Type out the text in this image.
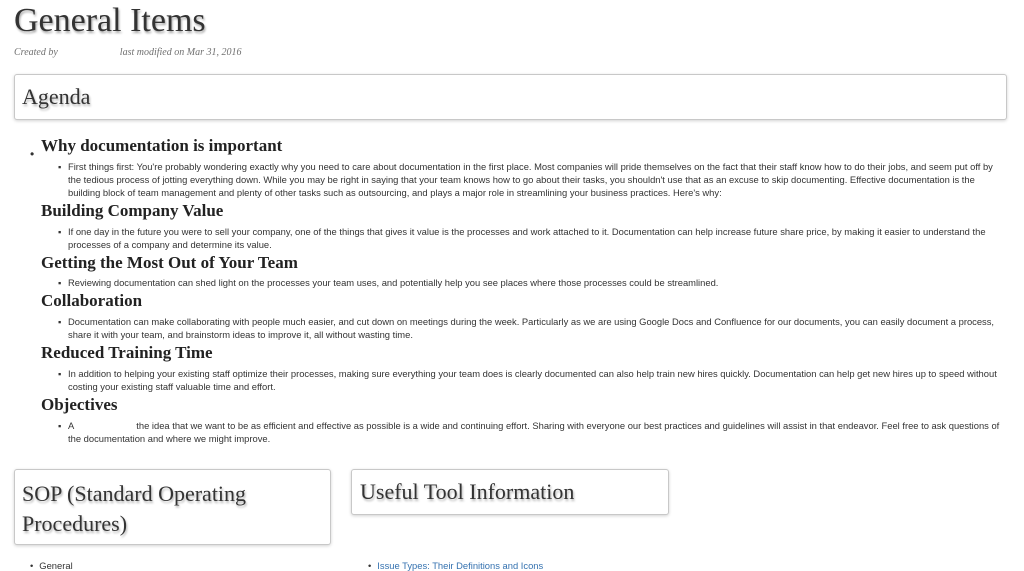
General Items
Created by	last modified on Mar 31, 2016
Agenda
• Why documentation is important
▪ First things first: You're probably wondering exactly why you need to care about documentation in the first place. Most companies will pride themselves on the fact that their staff know how to do their jobs, and seem put off by the tedious process of jotting everything down. While you may be right in saying that your team knows how to go about their tasks, you shouldn't use that as an excuse to skip documenting. Effective documentation is the building block of team management and plenty of other tasks such as outsourcing, and plays a major role in streamlining your business practices. Here's why:
Building Company Value
▪ If one day in the future you were to sell your company, one of the things that gives it value is the processes and work attached to it. Documentation can help increase future share price, by making it easier to understand the processes of a company and determine its value.
Getting the Most Out of Your Team
▪ Reviewing documentation can shed light on the processes your team uses, and potentially help you see places where those processes could be streamlined.
Collaboration
▪ Documentation can make collaborating with people much easier, and cut down on meetings during the week. Particularly as we are using Google Docs and Confluence for our documents, you can easily document a process, share it with your team, and brainstorm ideas to improve it, all without wasting time.
Reduced Training Time
▪ In addition to helping your existing staff optimize their processes, making sure everything your team does is clearly documented can also help train new hires quickly. Documentation can help get new hires up to speed without costing your existing staff valuable time and effort.
Objectives
▪ A	the idea that we want to be as efficient and effective as possible is a wide and continuing effort. Sharing with everyone our best practices and guidelines will assist in that endeavor. Feel free to ask questions of the documentation and where we might improve.
SOP (Standard Operating Procedures)
Useful Tool Information
• General	• Issue Types: Their Definitions and Icons
